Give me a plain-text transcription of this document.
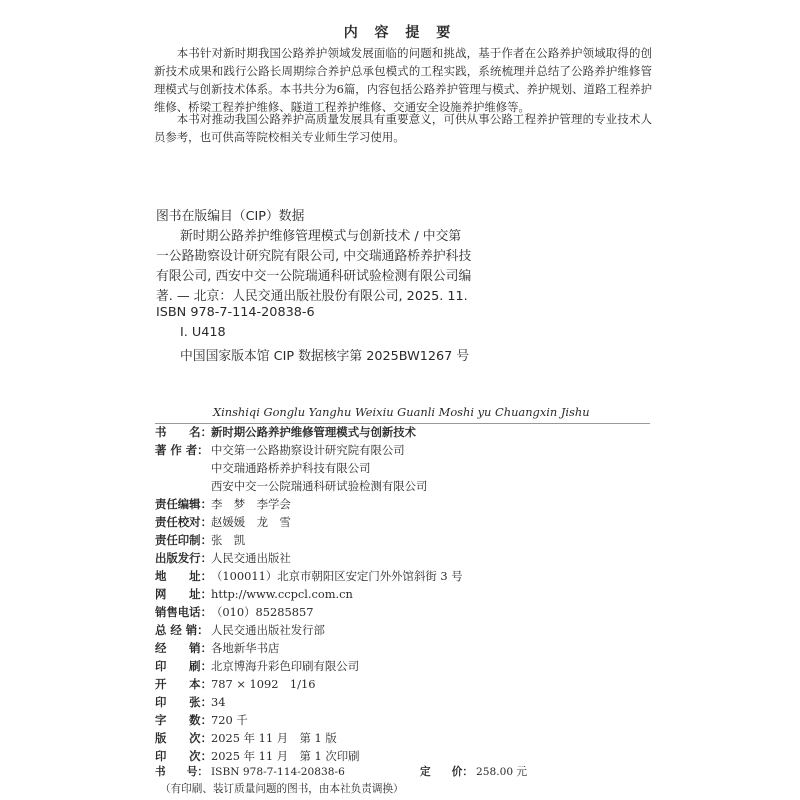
内 容 提 要
本书针对新时期我国公路养护领域发展面临的问题和挑战，基于作者在公路养护领域取得的创新技术成果和践行公路长周期综合养护总承包模式的工程实践，系统梳理并总结了公路养护维修管理模式与创新技术体系。本书共分为6篇，内容包括公路养护管理与模式、养护规划、道路工程养护维修、桥梁工程养护维修、隧道工程养护维修、交通安全设施养护维修等。
本书对推动我国公路养护高质量发展具有重要意义，可供从事公路工程养护管理的专业技术人员参考，也可供高等院校相关专业师生学习使用。
图书在版编目（CIP）数据
新时期公路养护维修管理模式与创新技术 / 中交第
一公路勘察设计研究院有限公司, 中交瑞通路桥养护科技
有限公司, 西安中交一公院瑞通科研试验检测有限公司编
著. — 北京：人民交通出版社股份有限公司, 2025. 11.
ISBN 978-7-114-20838-6
Ⅰ. U418
中国国家版本馆 CIP 数据核字第 2025BW1267 号
Xinshiqi Gonglu Yanghu Weixiu Guanli Moshi yu Chuangxin Jishu
书　　名：新时期公路养护维修管理模式与创新技术
著 作 者： 中交第一公路勘察设计研究院有限公司
中交瑞通路桥养护科技有限公司
西安中交一公院瑞通科研试验检测有限公司
责任编辑：李　梦　李学会
责任校对：赵媛媛　龙　雪
责任印制：张　凯
出版发行：人民交通出版社
地　　址：（100011）北京市朝阳区安定门外外馆斜街 3 号
网　　址：http://www.ccpcl.com.cn
销售电话：（010）85285857
总 经 销： 人民交通出版社发行部
经　　销：各地新华书店
印　　刷：北京博海升彩色印刷有限公司
开　　本：787 × 1092　1/16
印　　张：34
字　　数：720 千
版　　次：2025 年 11 月　第 1 版
印　　次：2025 年 11 月　第 1 次印刷
书　　号： ISBN 978-7-114-20838-6	定　　价： 258.00 元
（有印刷、装订质量问题的图书，由本社负责调换）
